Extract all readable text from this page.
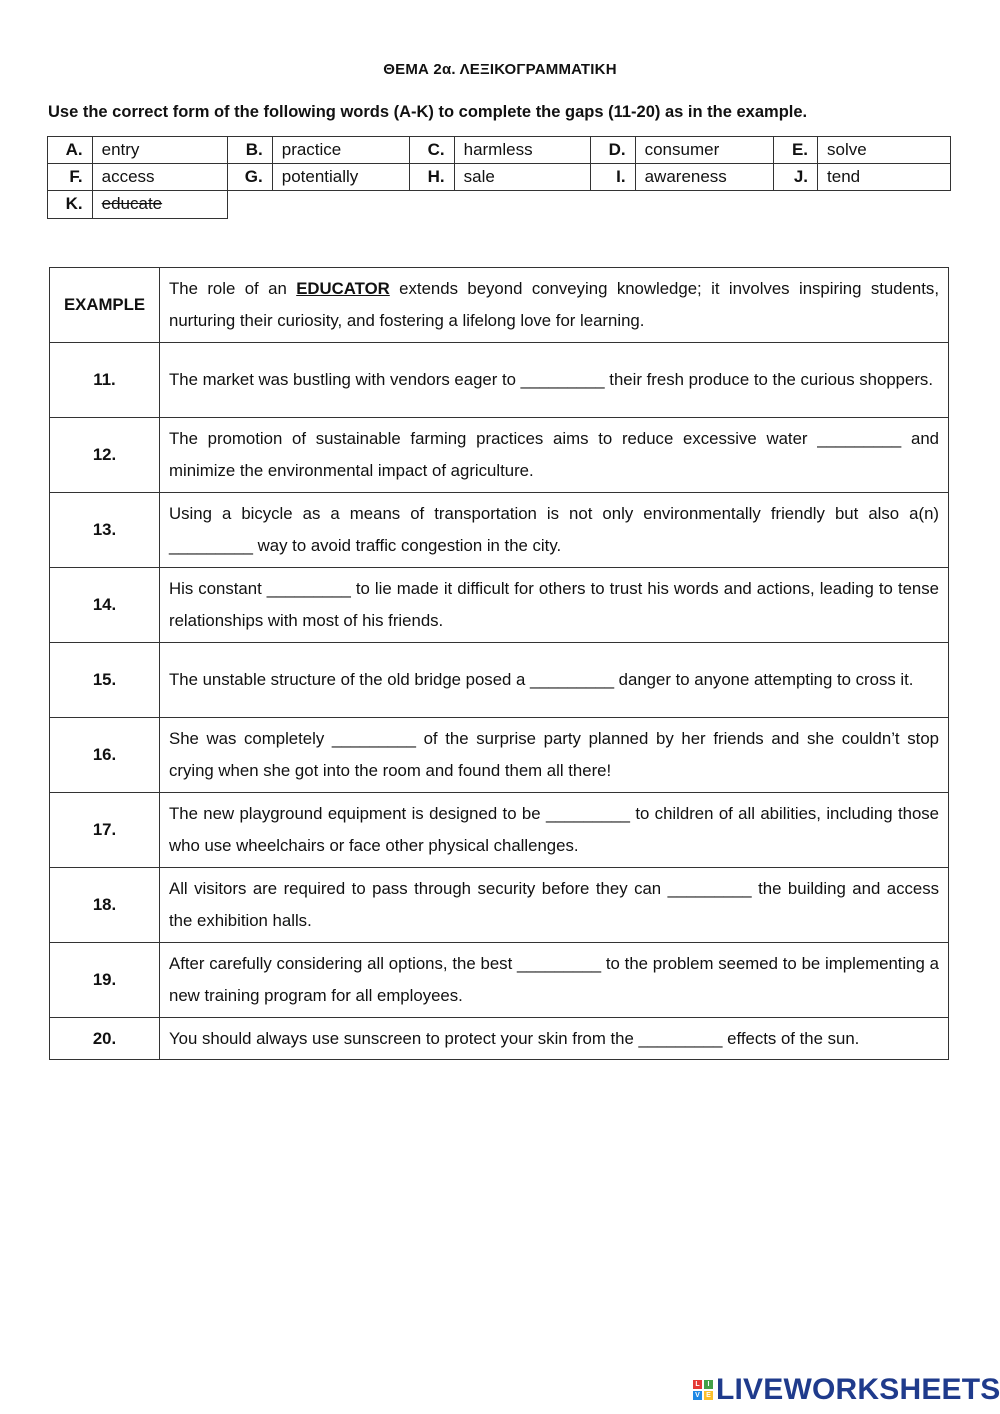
ΘΕΜΑ 2α. ΛΕΞΙΚΟΓΡΑΜΜΑΤΙΚΗ
Use the correct form of the following words (A-K) to complete the gaps (11-20) as in the example.
A.	entry	B.	practice	C.	harmless	D.	consumer	E.	solve
F.	access	G.	potentially	H.	sale	I.	awareness	J.	tend
K.	educate								
EXAMPLE	The role of an EDUCATOR extends beyond conveying knowledge; it involves inspiring students, nurturing their curiosity, and fostering a lifelong love for learning.
11.	The market was bustling with vendors eager to _________ their fresh produce to the curious shoppers.
12.	The promotion of sustainable farming practices aims to reduce excessive water _________ and minimize the environmental impact of agriculture.
13.	Using a bicycle as a means of transportation is not only environmentally friendly but also a(n) _________ way to avoid traffic congestion in the city.
14.	His constant _________ to lie made it difficult for others to trust his words and actions, leading to tense relationships with most of his friends.
15.	The unstable structure of the old bridge posed a _________ danger to anyone attempting to cross it.
16.	She was completely _________ of the surprise party planned by her friends and she couldn’t stop crying when she got into the room and found them all there!
17.	The new playground equipment is designed to be _________ to children of all abilities, including those who use wheelchairs or face other physical challenges.
18.	All visitors are required to pass through security before they can _________ the building and access the exhibition halls.
19.	After carefully considering all options, the best _________ to the problem seemed to be implementing a new training program for all employees.
20.	You should always use sunscreen to protect your skin from the _________ effects of the sun.
L	I
V E LIVEWORKSHEETS
